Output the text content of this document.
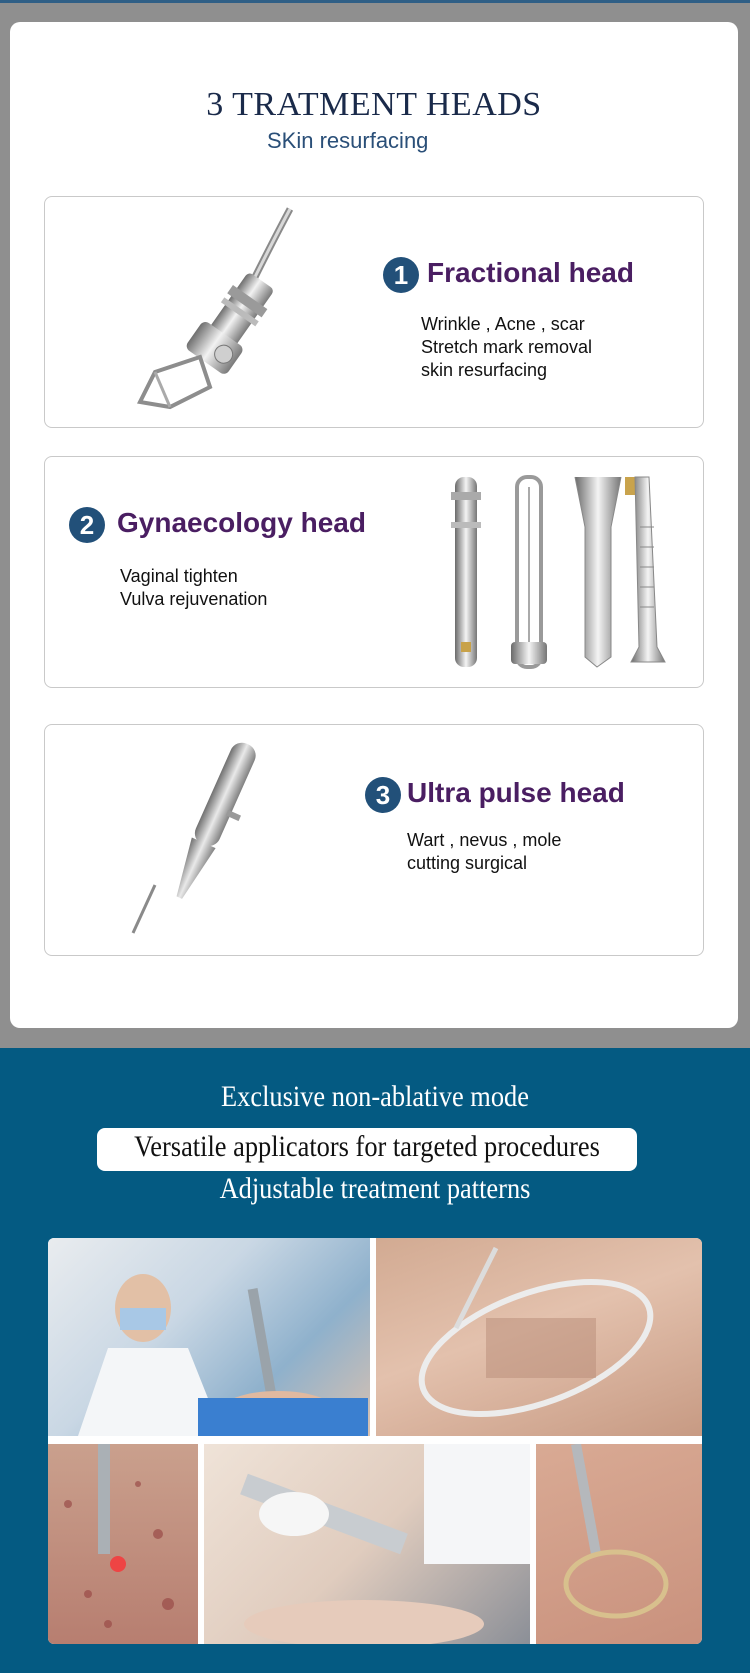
3 TRATMENT HEADS
SKin resurfacing
1 Fractional head
Wrinkle , Acne , scar
Stretch mark removal
skin resurfacing
2 Gynaecology head
Vaginal tighten
Vulva rejuvenation
3 Ultra pulse head
Wart , nevus , mole
cutting surgical
Exclusive non-ablative mode
Versatile applicators for targeted procedures
Adjustable treatment patterns
